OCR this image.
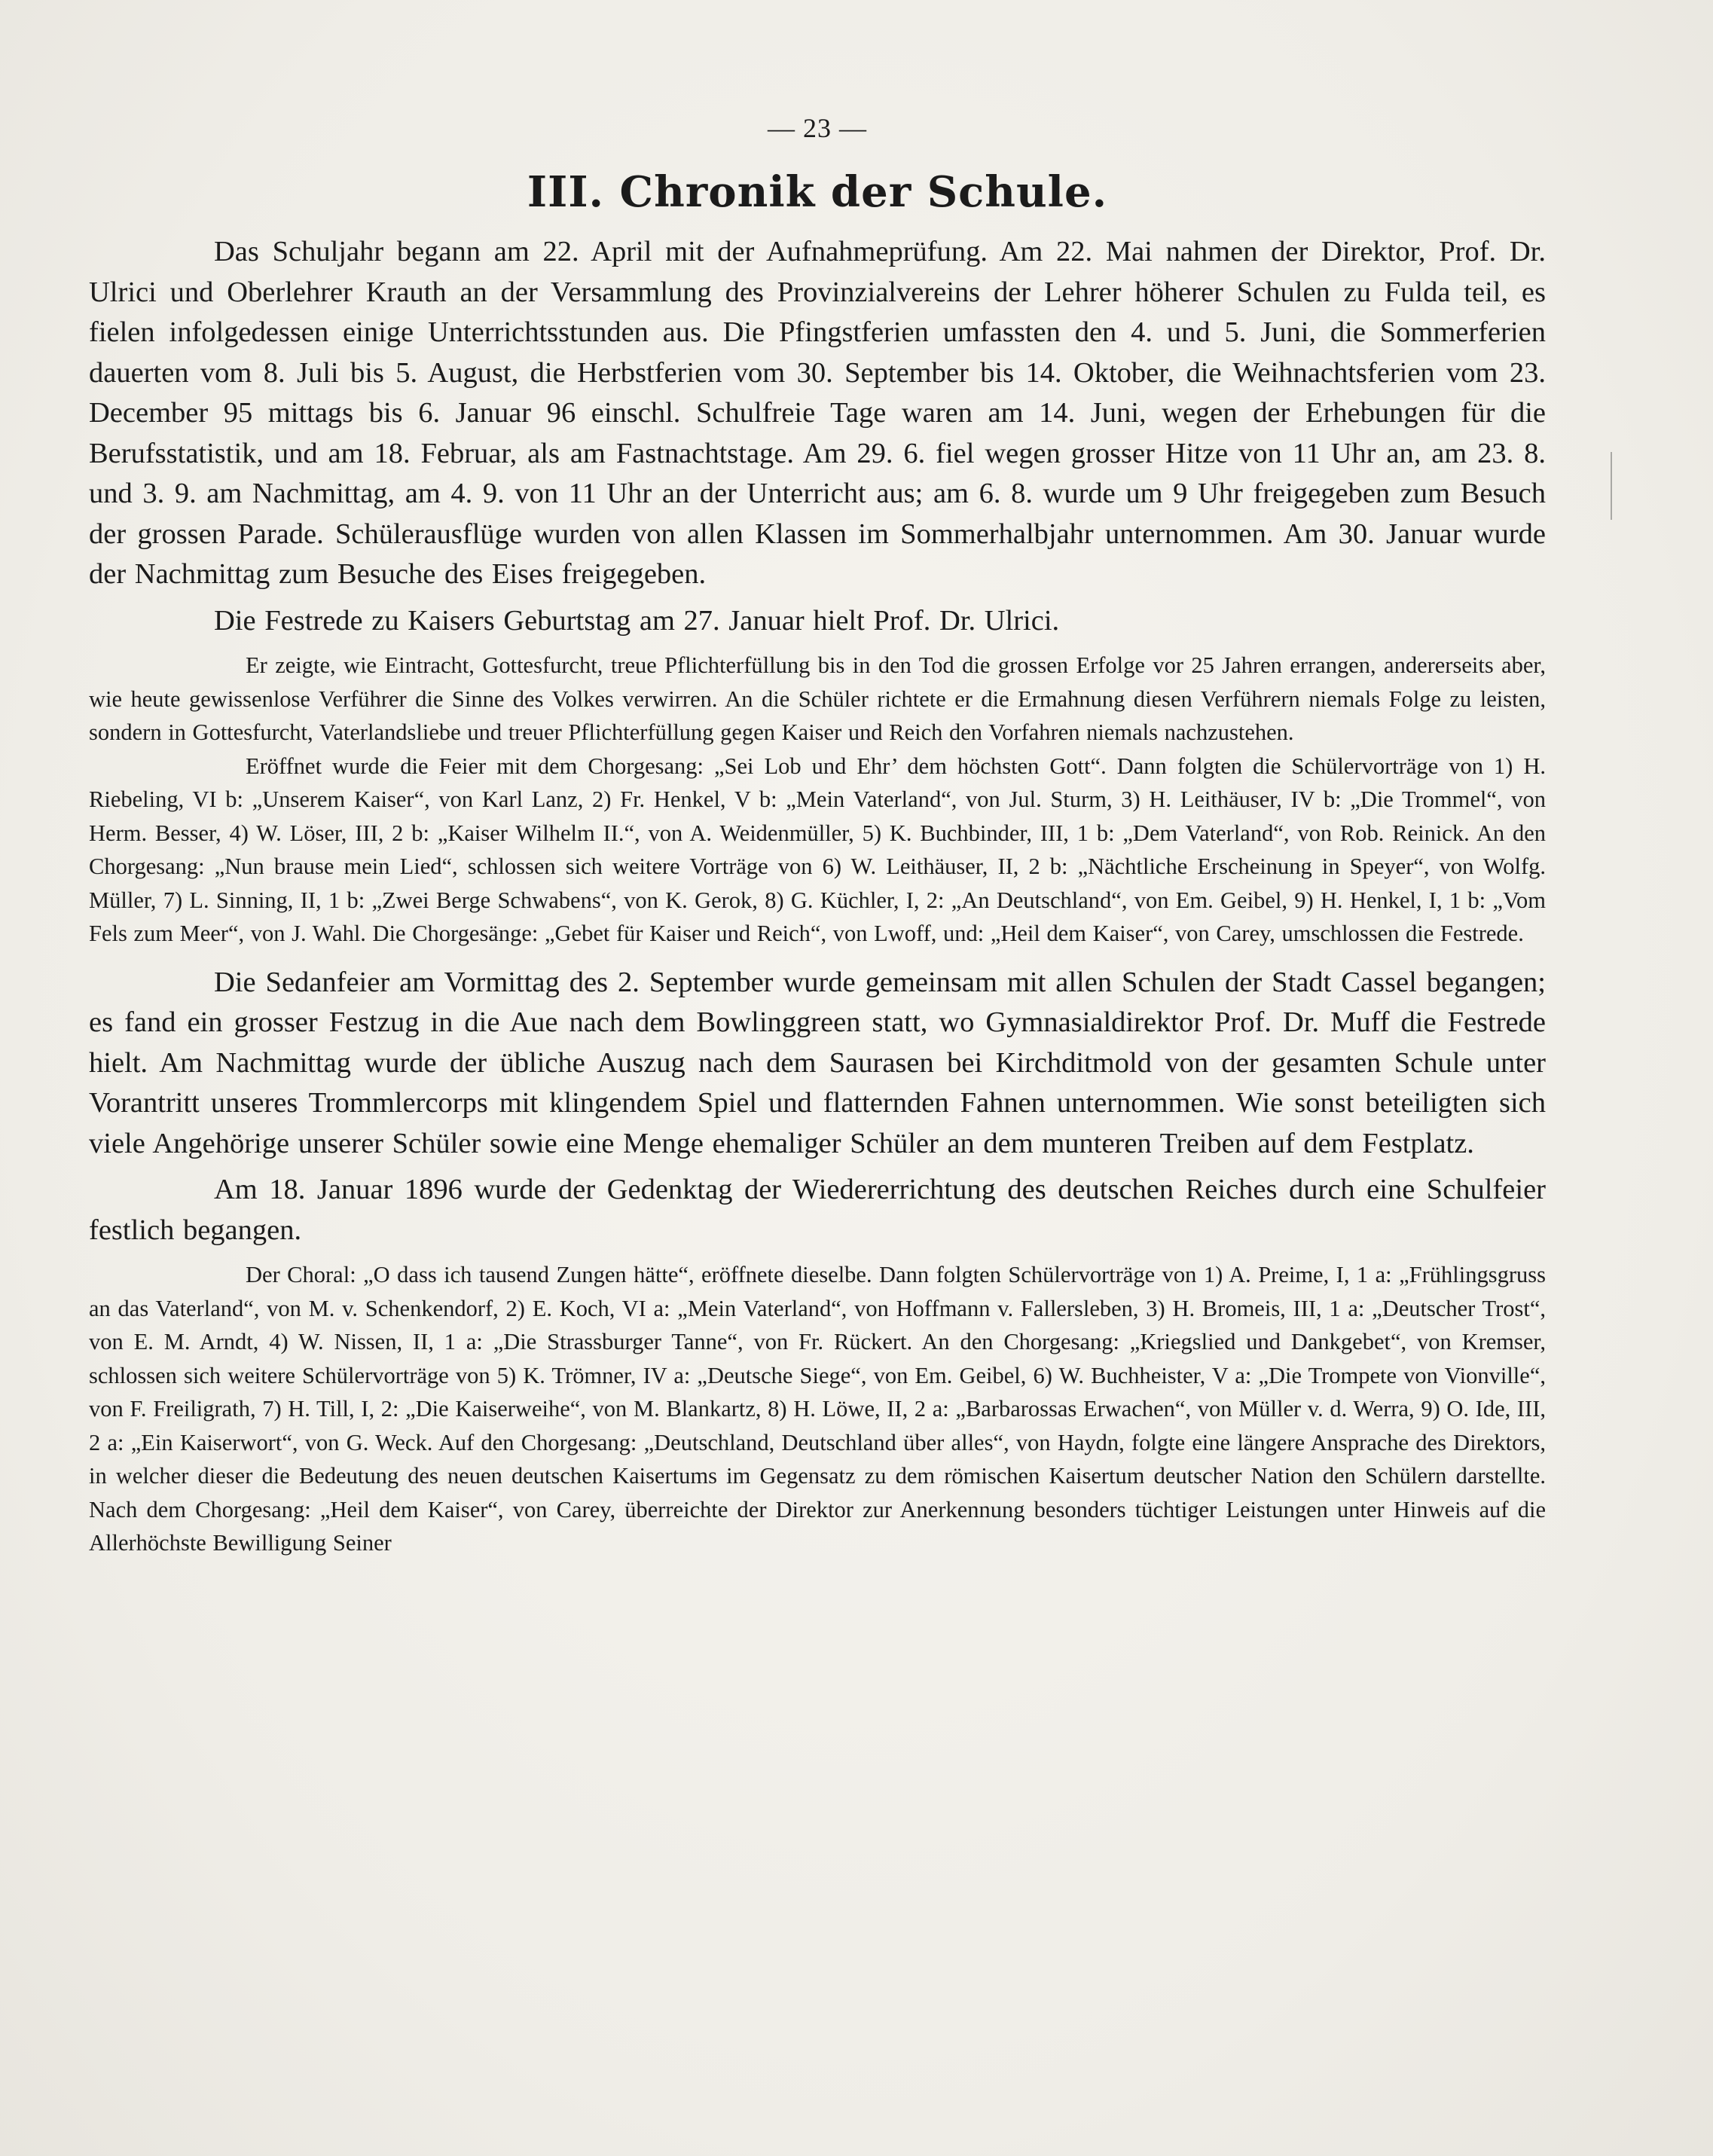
— 23 —
III. Chronik der Schule.

Das Schuljahr begann am 22. April mit der Aufnahmeprüfung. Am 22. Mai nahmen der Direktor, Prof. Dr. Ulrici und Oberlehrer Krauth an der Versammlung des Provinzialvereins der Lehrer höherer Schulen zu Fulda teil, es fielen infolgedessen einige Unterrichtsstunden aus. Die Pfingstferien umfassten den 4. und 5. Juni, die Sommerferien dauerten vom 8. Juli bis 5. August, die Herbstferien vom 30. September bis 14. Oktober, die Weihnachtsferien vom 23. December 95 mittags bis 6. Januar 96 einschl. Schulfreie Tage waren am 14. Juni, wegen der Erhebungen für die Berufsstatistik, und am 18. Februar, als am Fastnachtstage. Am 29. 6. fiel wegen grosser Hitze von 11 Uhr an, am 23. 8. und 3. 9. am Nachmittag, am 4. 9. von 11 Uhr an der Unterricht aus; am 6. 8. wurde um 9 Uhr freigegeben zum Besuch der grossen Parade. Schülerausflüge wurden von allen Klassen im Sommerhalbjahr unternommen. Am 30. Januar wurde der Nachmittag zum Besuche des Eises freigegeben.

Die Festrede zu Kaisers Geburtstag am 27. Januar hielt Prof. Dr. Ulrici.

Er zeigte, wie Eintracht, Gottesfurcht, treue Pflichterfüllung bis in den Tod die grossen Erfolge vor 25 Jahren errangen, andererseits aber, wie heute gewissenlose Verführer die Sinne des Volkes verwirren. An die Schüler richtete er die Ermahnung diesen Verführern niemals Folge zu leisten, sondern in Gottesfurcht, Vaterlandsliebe und treuer Pflichterfüllung gegen Kaiser und Reich den Vorfahren niemals nachzustehen.

Eröffnet wurde die Feier mit dem Chorgesang: „Sei Lob und Ehr’ dem höchsten Gott“. Dann folgten die Schülervorträge von 1) H. Riebeling, VI b: „Unserem Kaiser“, von Karl Lanz, 2) Fr. Henkel, V b: „Mein Vaterland“, von Jul. Sturm, 3) H. Leithäuser, IV b: „Die Trommel“, von Herm. Besser, 4) W. Löser, III, 2 b: „Kaiser Wilhelm II.“, von A. Weidenmüller, 5) K. Buchbinder, III, 1 b: „Dem Vaterland“, von Rob. Reinick. An den Chorgesang: „Nun brause mein Lied“, schlossen sich weitere Vorträge von 6) W. Leithäuser, II, 2 b: „Nächtliche Erscheinung in Speyer“, von Wolfg. Müller, 7) L. Sinning, II, 1 b: „Zwei Berge Schwabens“, von K. Gerok, 8) G. Küchler, I, 2: „An Deutschland“, von Em. Geibel, 9) H. Henkel, I, 1 b: „Vom Fels zum Meer“, von J. Wahl. Die Chorgesänge: „Gebet für Kaiser und Reich“, von Lwoff, und: „Heil dem Kaiser“, von Carey, umschlossen die Festrede.

Die Sedanfeier am Vormittag des 2. September wurde gemeinsam mit allen Schulen der Stadt Cassel begangen; es fand ein grosser Festzug in die Aue nach dem Bowlinggreen statt, wo Gymnasialdirektor Prof. Dr. Muff die Festrede hielt. Am Nachmittag wurde der übliche Auszug nach dem Saurasen bei Kirchditmold von der gesamten Schule unter Vorantritt unseres Trommlercorps mit klingendem Spiel und flatternden Fahnen unternommen. Wie sonst beteiligten sich viele Angehörige unserer Schüler sowie eine Menge ehemaliger Schüler an dem munteren Treiben auf dem Festplatz.

Am 18. Januar 1896 wurde der Gedenktag der Wiedererrichtung des deutschen Reiches durch eine Schulfeier festlich begangen.

Der Choral: „O dass ich tausend Zungen hätte“, eröffnete dieselbe. Dann folgten Schülervorträge von 1) A. Preime, I, 1 a: „Frühlingsgruss an das Vaterland“, von M. v. Schenkendorf, 2) E. Koch, VI a: „Mein Vaterland“, von Hoffmann v. Fallersleben, 3) H. Bromeis, III, 1 a: „Deutscher Trost“, von E. M. Arndt, 4) W. Nissen, II, 1 a: „Die Strassburger Tanne“, von Fr. Rückert. An den Chorgesang: „Kriegslied und Dankgebet“, von Kremser, schlossen sich weitere Schülervorträge von 5) K. Trömner, IV a: „Deutsche Siege“, von Em. Geibel, 6) W. Buchheister, V a: „Die Trompete von Vionville“, von F. Freiligrath, 7) H. Till, I, 2: „Die Kaiserweihe“, von M. Blankartz, 8) H. Löwe, II, 2 a: „Barbarossas Erwachen“, von Müller v. d. Werra, 9) O. Ide, III, 2 a: „Ein Kaiserwort“, von G. Weck. Auf den Chorgesang: „Deutschland, Deutschland über alles“, von Haydn, folgte eine längere Ansprache des Direktors, in welcher dieser die Bedeutung des neuen deutschen Kaisertums im Gegensatz zu dem römischen Kaisertum deutscher Nation den Schülern darstellte. Nach dem Chorgesang: „Heil dem Kaiser“, von Carey, überreichte der Direktor zur Anerkennung besonders tüchtiger Leistungen unter Hinweis auf die Allerhöchste Bewilligung Seiner
